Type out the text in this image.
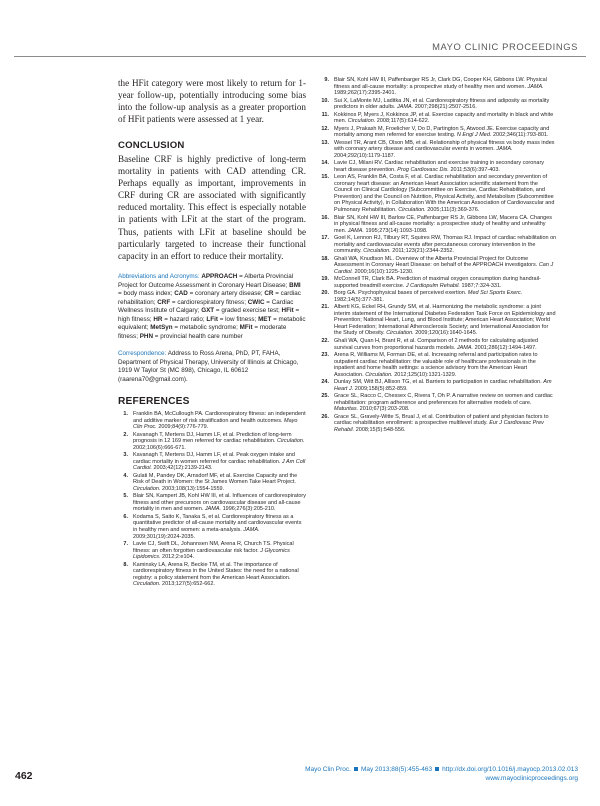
MAYO CLINIC PROCEEDINGS
the HFit category were most likely to return for 1-year follow-up, potentially introducing some bias into the follow-up analysis as a greater proportion of HFit patients were assessed at 1 year.
CONCLUSION
Baseline CRF is highly predictive of long-term mortality in patients with CAD attending CR. Perhaps equally as important, improvements in CRF during CR are associated with significantly reduced mortality. This effect is especially notable in patients with LFit at the start of the program. Thus, patients with LFit at baseline should be particularly targeted to increase their functional capacity in an effort to reduce their mortality.
Abbreviations and Acronyms: APPROACH = Alberta Provincial Project for Outcome Assessment in Coronary Heart Disease; BMI = body mass index; CAD = coronary artery disease; CR = cardiac rehabilitation; CRF = cardiorespiratory fitness; CWIC = Cardiac Wellness Institute of Calgary; GXT = graded exercise test; HFit = high fitness; HR = hazard ratio; LFit = low fitness; MET = metabolic equivalent; MetSyn = metabolic syndrome; MFit = moderate fitness; PHN = provincial health care number
Correspondence: Address to Ross Arena, PhD, PT, FAHA, Department of Physical Therapy, University of Illinois at Chicago, 1919 W Taylor St (MC 898), Chicago, IL 60612 (raarena70@gmail.com).
REFERENCES
1. Franklin BA, McCullough PA. Cardiorespiratory fitness: an independent and additive marker of risk stratification and health outcomes. Mayo Clin Proc. 2009;84(9):776-779.
2. Kavanagh T, Mertens DJ, Hamm LF, et al. Prediction of long-term prognosis in 12 169 men referred for cardiac rehabilitation. Circulation. 2002;106(6):666-671.
3. Kavanagh T, Mertens DJ, Hamm LF, et al. Peak oxygen intake and cardiac mortality in women referred for cardiac rehabilitation. J Am Coll Cardiol. 2003;42(12):2139-2143.
4. Gulati M, Pandey DK, Arnsdorf MF, et al. Exercise Capacity and the Risk of Death in Women: the St James Women Take Heart Project. Circulation. 2003;108(13):1554-1559.
5. Blair SN, Kampert JB, Kohl HW III, et al. Influences of cardiorespiratory fitness and other precursors on cardiovascular disease and all-cause mortality in men and women. JAMA. 1996;276(3):205-210.
6. Kodama S, Saito K, Tanaka S, et al. Cardiorespiratory fitness as a quantitative predictor of all-cause mortality and cardiovascular events in healthy men and women: a meta-analysis. JAMA. 2009;301(19):2024-2035.
7. Lavie CJ, Swift DL, Johannsen NM, Arena R, Church TS. Physical fitness: an often forgotten cardiovascular risk factor. J Glycomics Lipidomics. 2012;2:e104.
8. Kaminsky LA, Arena R, Beckie TM, et al. The importance of cardiorespiratory fitness in the United States: the need for a national registry: a policy statement from the American Heart Association. Circulation. 2013;127(5):652-662.
9. Blair SN, Kohl HW III, Paffenbarger RS Jr, Clark DG, Cooper KH, Gibbons LW. Physical fitness and all-cause mortality: a prospective study of healthy men and women. JAMA. 1989;262(17):2395-2401.
10. Sui X, LaMonte MJ, Laditka JN, et al. Cardiorespiratory fitness and adiposity as mortality predictors in older adults. JAMA. 2007;298(21):2507-2516.
11. Kokkinos P, Myers J, Kokkinos JP, et al. Exercise capacity and mortality in black and white men. Circulation. 2008;117(5):614-622.
12. Myers J, Prakash M, Froelicher V, Do D, Partington S, Atwood JE. Exercise capacity and mortality among men referred for exercise testing. N Engl J Med. 2002;346(11):793-801.
13. Wessel TR, Arant CB, Olson MB, et al. Relationship of physical fitness vs body mass index with coronary artery disease and cardiovascular events in women. JAMA. 2004;292(10):1179-1187.
14. Lavie CJ, Milani RV. Cardiac rehabilitation and exercise training in secondary coronary heart disease prevention. Prog Cardiovasc Dis. 2011;53(6):397-403.
15. Leon AS, Franklin BA, Costa F, et al. Cardiac rehabilitation and secondary prevention of coronary heart disease: an American Heart Association scientific statement from the Council on Clinical Cardiology (Subcommittee on Exercise, Cardiac Rehabilitation, and Prevention) and the Council on Nutrition, Physical Activity, and Metabolism (Subcommittee on Physical Activity), in Collaboration With the American Association of Cardiovascular and Pulmonary Rehabilitation. Circulation. 2005;111(3):369-376.
16. Blair SN, Kohl HW III, Barlow CE, Paffenbarger RS Jr, Gibbons LW, Macera CA. Changes in physical fitness and all-cause mortality: a prospective study of healthy and unhealthy men. JAMA. 1995;273(14):1093-1098.
17. Goel K, Lennon RJ, Tilbury RT, Squires RW, Thomas RJ. Impact of cardiac rehabilitation on mortality and cardiovascular events after percutaneous coronary intervention in the community. Circulation. 2011;123(21):2344-2352.
18. Ghali WA, Knudtson ML. Overview of the Alberta Provincial Project for Outcome Assessment in Coronary Heart Disease: on behalf of the APPROACH investigators. Can J Cardiol. 2000;16(10):1225-1230.
19. McConnell TR, Clark BA. Prediction of maximal oxygen consumption during handrail-supported treadmill exercise. J Cardiopulm Rehabil. 1987;7:324-331.
20. Borg GA. Psychophysical bases of perceived exertion. Med Sci Sports Exerc. 1982;14(5):377-381.
21. Alberti KG, Eckel RH, Grundy SM, et al. Harmonizing the metabolic syndrome: a joint interim statement of the International Diabetes Federation Task Force on Epidemiology and Prevention; National Heart, Lung, and Blood Institute; American Heart Association; World Heart Federation; International Atherosclerosis Society; and International Association for the Study of Obesity. Circulation. 2009;120(16):1640-1645.
22. Ghali WA, Quan H, Brant R, et al. Comparison of 2 methods for calculating adjusted survival curves from proportional hazards models. JAMA. 2001;286(12):1494-1497.
23. Arena R, Williams M, Forman DE, et al. Increasing referral and participation rates to outpatient cardiac rehabilitation: the valuable role of healthcare professionals in the inpatient and home health settings: a science advisory from the American Heart Association. Circulation. 2012;125(10):1321-1329.
24. Dunlay SM, Witt BJ, Allison TG, et al. Barriers to participation in cardiac rehabilitation. Am Heart J. 2009;158(5):852-859.
25. Grace SL, Racco C, Chessex C, Rivera T, Oh P. A narrative review on women and cardiac rehabilitation: program adherence and preferences for alternative models of care. Maturitas. 2010;67(3):203-208.
26. Grace SL, Gravely-Witte S, Brual J, et al. Contribution of patient and physician factors to cardiac rehabilitation enrollment: a prospective multilevel study. Eur J Cardiovasc Prev Rehabil. 2008;15(5):548-556.
462
Mayo Clin Proc. May 2013;88(5):455-463 http://dx.doi.org/10.1016/j.mayocp.2013.02.013
www.mayoclinicproceedings.org
